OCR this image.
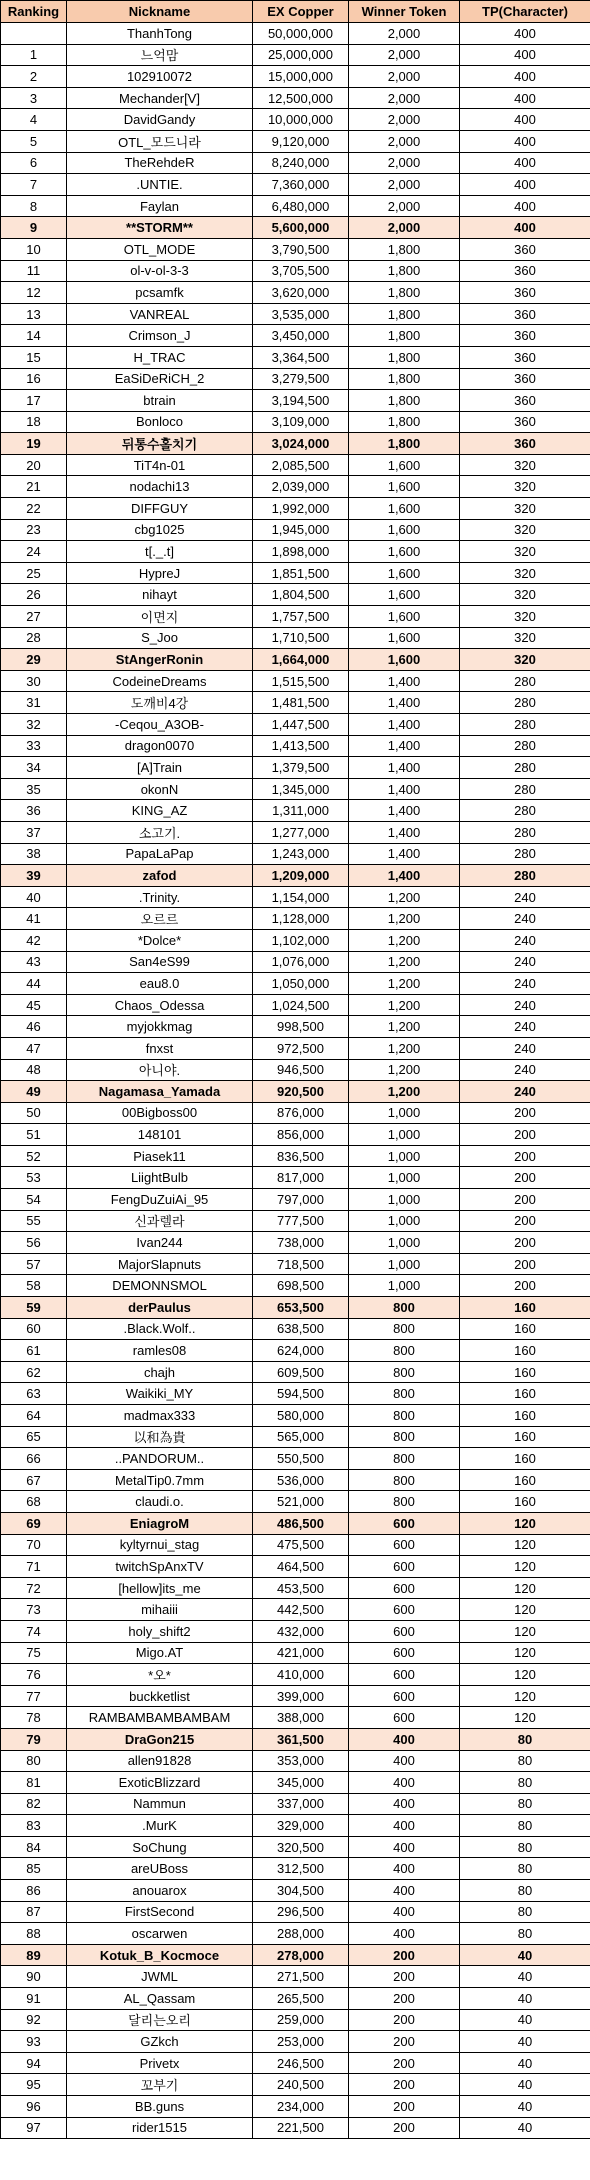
Ranking	Nickname	EX Copper	Winner Token	TP(Character)
	ThanhTong	50,000,000	2,000	400
1	느억맘	25,000,000	2,000	400
2	102910072	15,000,000	2,000	400
3	Mechander[V]	12,500,000	2,000	400
4	DavidGandy	10,000,000	2,000	400
5	OTL_모드니라	9,120,000	2,000	400
6	TheRehdeR	8,240,000	2,000	400
7	.UNTIE.	7,360,000	2,000	400
8	Faylan	6,480,000	2,000	400
9	**STORM**	5,600,000	2,000	400
10	OTL_MODE	3,790,500	1,800	360
11	ol-v-ol-3-3	3,705,500	1,800	360
12	pcsamfk	3,620,000	1,800	360
13	VANREAL	3,535,000	1,800	360
14	Crimson_J	3,450,000	1,800	360
15	H_TRAC	3,364,500	1,800	360
16	EaSiDeRiCH_2	3,279,500	1,800	360
17	btrain	3,194,500	1,800	360
18	Bonloco	3,109,000	1,800	360
19	뒤통수홀치기	3,024,000	1,800	360
20	TiT4n-01	2,085,500	1,600	320
21	nodachi13	2,039,000	1,600	320
22	DIFFGUY	1,992,000	1,600	320
23	cbg1025	1,945,000	1,600	320
24	t[._.t]	1,898,000	1,600	320
25	HypreJ	1,851,500	1,600	320
26	nihayt	1,804,500	1,600	320
27	이면지	1,757,500	1,600	320
28	S_Joo	1,710,500	1,600	320
29	StAngerRonin	1,664,000	1,600	320
30	CodeineDreams	1,515,500	1,400	280
31	도깨비4강	1,481,500	1,400	280
32	-Ceqou_A3OB-	1,447,500	1,400	280
33	dragon0070	1,413,500	1,400	280
34	[A]Train	1,379,500	1,400	280
35	okonN	1,345,000	1,400	280
36	KING_AZ	1,311,000	1,400	280
37	소고기.	1,277,000	1,400	280
38	PapaLaPap	1,243,000	1,400	280
39	zafod	1,209,000	1,400	280
40	.Trinity.	1,154,000	1,200	240
41	오르르	1,128,000	1,200	240
42	*Dolce*	1,102,000	1,200	240
43	San4eS99	1,076,000	1,200	240
44	eau8.0	1,050,000	1,200	240
45	Chaos_Odessa	1,024,500	1,200	240
46	myjokkmag	998,500	1,200	240
47	fnxst	972,500	1,200	240
48	아니야.	946,500	1,200	240
49	Nagamasa_Yamada	920,500	1,200	240
50	00Bigboss00	876,000	1,000	200
51	148101	856,000	1,000	200
52	Piasek11	836,500	1,000	200
53	LiightBulb	817,000	1,000	200
54	FengDuZuiAi_95	797,000	1,000	200
55	신과렐라	777,500	1,000	200
56	Ivan244	738,000	1,000	200
57	MajorSlapnuts	718,500	1,000	200
58	DEMONNSMOL	698,500	1,000	200
59	derPaulus	653,500	800	160
60	.Black.Wolf..	638,500	800	160
61	ramles08	624,000	800	160
62	chajh	609,500	800	160
63	Waikiki_MY	594,500	800	160
64	madmax333	580,000	800	160
65	以和為貴	565,000	800	160
66	..PANDORUM..	550,500	800	160
67	MetalTip0.7mm	536,000	800	160
68	claudi.o.	521,000	800	160
69	EniagroM	486,500	600	120
70	kyltyrnui_stag	475,500	600	120
71	twitchSpAnxTV	464,500	600	120
72	[hellow]its_me	453,500	600	120
73	mihaiii	442,500	600	120
74	holy_shift2	432,000	600	120
75	Migo.AT	421,000	600	120
76	*오*	410,000	600	120
77	buckketlist	399,000	600	120
78	RAMBAMBAMBAMBAM	388,000	600	120
79	DraGon215	361,500	400	80
80	allen91828	353,000	400	80
81	ExoticBlizzard	345,000	400	80
82	Nammun	337,000	400	80
83	.MurK	329,000	400	80
84	SoChung	320,500	400	80
85	areUBoss	312,500	400	80
86	anouarox	304,500	400	80
87	FirstSecond	296,500	400	80
88	oscarwen	288,000	400	80
89	Kotuk_B_Kocmoce	278,000	200	40
90	JWML	271,500	200	40
91	AL_Qassam	265,500	200	40
92	달리는오리	259,000	200	40
93	GZkch	253,000	200	40
94	Privetx	246,500	200	40
95	꼬부기	240,500	200	40
96	BB.guns	234,000	200	40
97	rider1515	221,500	200	40
